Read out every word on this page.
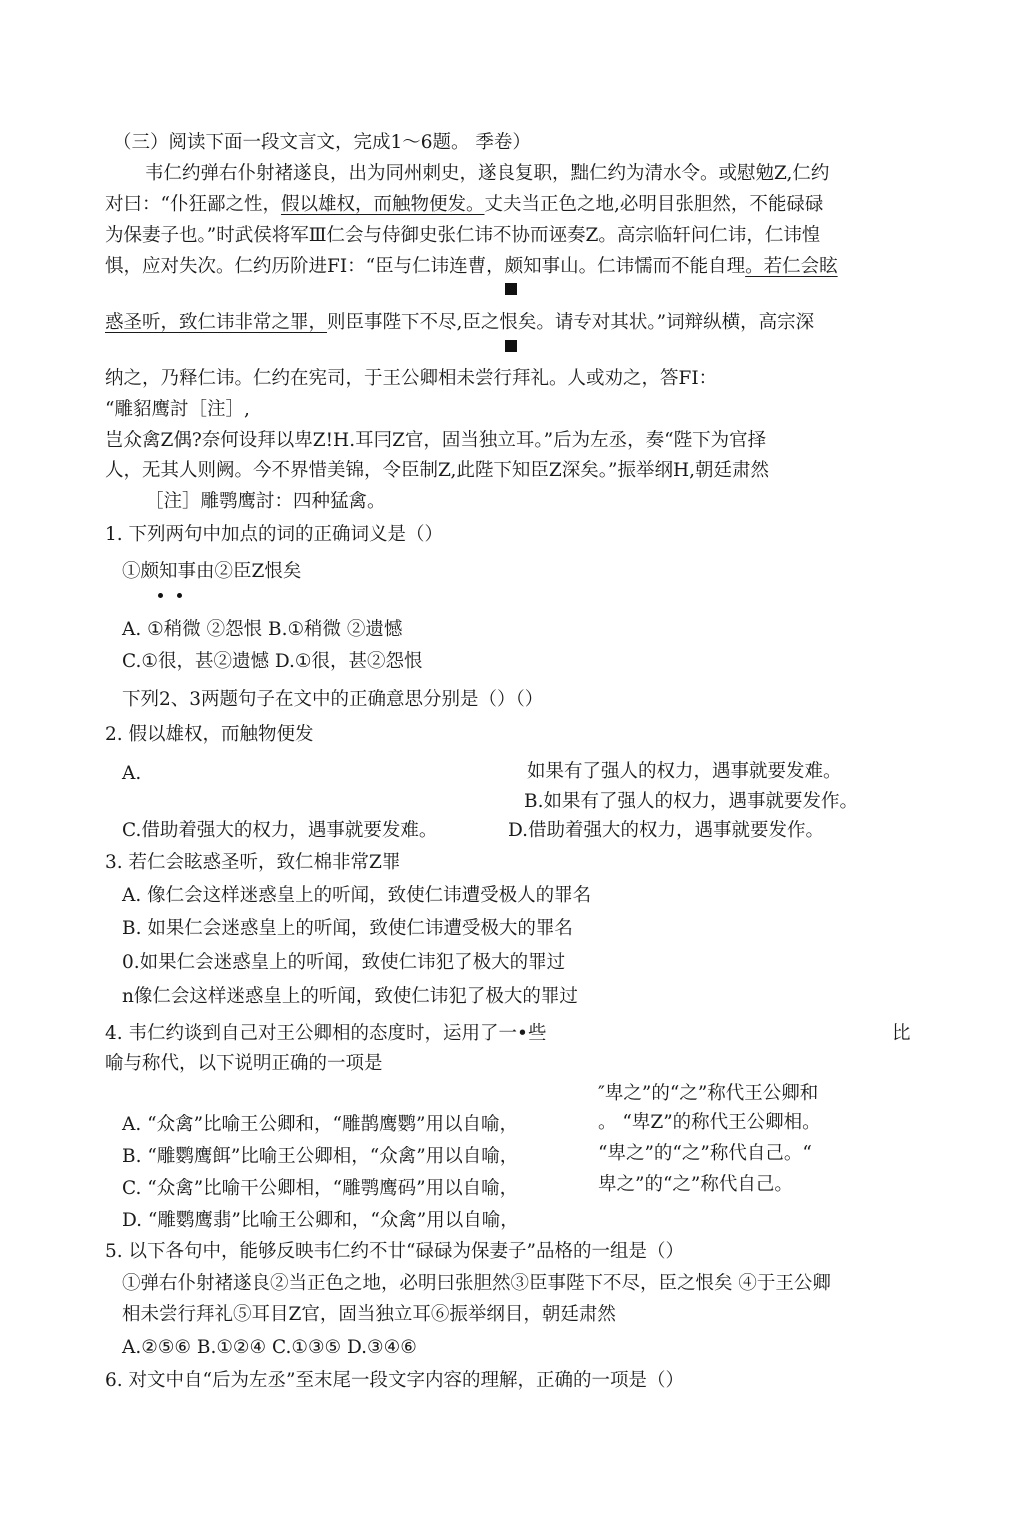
（三）阅读下面一段文言文，完成1～6题。 季卷）
韦仁约弹右仆射褚遂良，出为同州刺史，遂良复职，黜仁约为清水令。或慰勉Z,仁约
对曰：“仆狂鄙之性，假以雄权，而触物便发。丈夫当正色之地,必明目张胆然，不能碌碌
为保妻子也。”时武侯将军Ⅲ仁会与侍御史张仁讳不协而诬奏Z。高宗临轩问仁讳，仁讳惶
惧，应对失次。仁约历阶进FI：“臣与仁讳连曹，颇知事山。仁讳懦而不能自理。若仁会眩
惑圣听，致仁讳非常之罪，则臣事陛下不尽,臣之恨矣。请专对其状。”词辩纵横，高宗深
纳之，乃释仁讳。仁约在宪司，于王公卿相未尝行拜礼。人或劝之，答FI：
“雕貂鹰討［注］,
岂众禽Z偶?奈何设拜以卑Z!H.耳冃Z官，固当独立耳。”后为左丞，奏“陛下为官择
人，无其人则阙。今不界惜美锦，令臣制Z,此陛下知臣Z深矣。”振举纲H,朝廷肃然
［注］雕鹗鹰討：四种猛禽。
1. 下列两句中加点的词的正确词义是（）
①颇知事由②臣Z恨矣
A. ①稍微 ②怨恨 B.①稍微 ②遗憾
C.①很，甚②遗憾 D.①很，甚②怨恨
下列2、3两题句子在文中的正确意思分别是（）（）
2. 假以雄权，而触物便发
A.	如果有了强人的权力，遇事就要发难。
B.如果有了强人的权力，遇事就要发作。
C.借助着强大的权力，遇事就要发难。	D.借助着强大的权力，遇事就要发作。
3. 若仁会眩惑圣听，致仁棉非常Z罪
A. 像仁会这样迷惑皇上的听闻，致使仁讳遭受极人的罪名
B. 如果仁会迷惑皇上的听闻，致使仁讳遭受极大的罪名
0.如果仁会迷惑皇上的听闻，致使仁讳犯了极大的罪过
n像仁会这样迷惑皇上的听闻，致使仁讳犯了极大的罪过
4. 韦仁约谈到自己对王公卿相的态度时，运用了一•些	比
喻与称代，以下说明正确的一项是
″卑之”的“之”称代王公卿和
A. “众禽”比喻王公卿和，“雕鹊鹰鹦”用以自喻，	。 “卑Z”的称代王公卿相。
B. “雕鹦鹰餌”比喻王公卿相，“众禽”用以自喻，	“卑之”的“之”称代自己。“
C. “众禽”比喻干公卿相，“雕鹗鹰码”用以自喻，	卑之”的“之”称代自己。
D. “雕鹦鹰翡”比喻王公卿和，“众禽”用以自喻，
5. 以下各句中，能够反映韦仁约不廿“碌碌为保妻子”品格的一组是（）
①弹右仆射褚遂良②当正色之地，必明曰张胆然③臣事陛下不尽，臣之恨矣 ④于王公卿
相未尝行拜礼⑤耳目Z官，固当独立耳⑥振举纲目，朝廷肃然
A.②⑤⑥ B.①②④ C.①③⑤ D.③④⑥
6. 对文中自“后为左丞”至末尾一段文字内容的理解，正确的一项是（）
